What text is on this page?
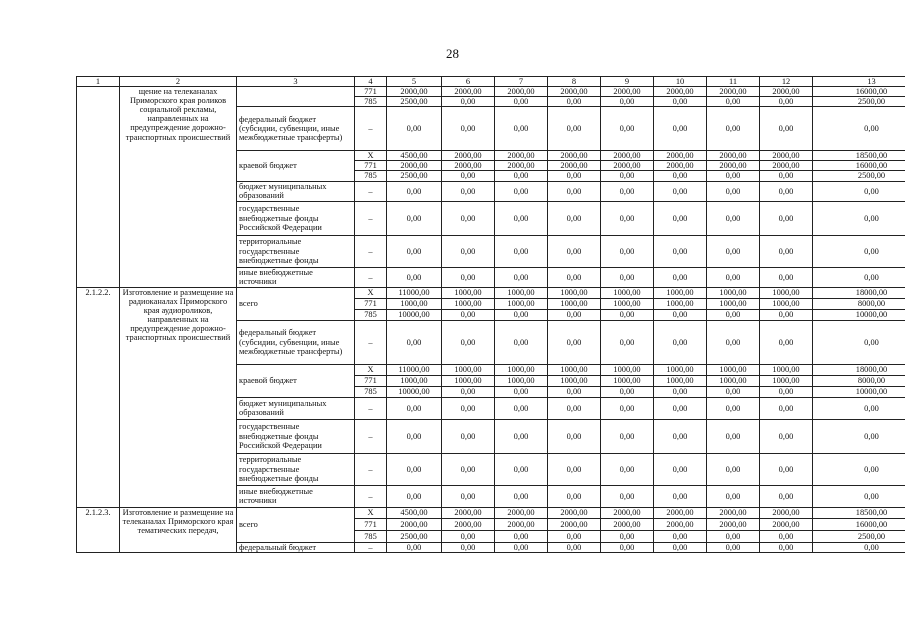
28
1	2	3	4	5	6	7	8	9	10	11	12	13
	щение на телеканалах Приморского края роликов социальной рекламы, направленных на предупреждение дорожно-транспортных происшествий		771	2000,00	2000,00	2000,00	2000,00	2000,00	2000,00	2000,00	2000,00	16000,00
			785	2500,00	0,00	0,00	0,00	0,00	0,00	0,00	0,00	2500,00
		федеральный бюджет (субсидии, субвенции, иные межбюджетные трансферты)	–	0,00	0,00	0,00	0,00	0,00	0,00	0,00	0,00	0,00
		краевой бюджет	X	4500,00	2000,00	2000,00	2000,00	2000,00	2000,00	2000,00	2000,00	18500,00
			771	2000,00	2000,00	2000,00	2000,00	2000,00	2000,00	2000,00	2000,00	16000,00
			785	2500,00	0,00	0,00	0,00	0,00	0,00	0,00	0,00	2500,00
		бюджет муниципальных образований	–	0,00	0,00	0,00	0,00	0,00	0,00	0,00	0,00	0,00
		государственные внебюджетные фонды Российской Федерации	–	0,00	0,00	0,00	0,00	0,00	0,00	0,00	0,00	0,00
		территориальные государственные внебюджетные фонды	–	0,00	0,00	0,00	0,00	0,00	0,00	0,00	0,00	0,00
		иные внебюджетные источники	–	0,00	0,00	0,00	0,00	0,00	0,00	0,00	0,00	0,00
2.1.2.2.	Изготовление и размещение на радиоканалах Приморского края аудиороликов, направленных на предупреждение дорожно-транспортных происшествий	всего	X	11000,00	1000,00	1000,00	1000,00	1000,00	1000,00	1000,00	1000,00	18000,00
			771	1000,00	1000,00	1000,00	1000,00	1000,00	1000,00	1000,00	1000,00	8000,00
			785	10000,00	0,00	0,00	0,00	0,00	0,00	0,00	0,00	10000,00
		федеральный бюджет (субсидии, субвенции, иные межбюджетные трансферты)	–	0,00	0,00	0,00	0,00	0,00	0,00	0,00	0,00	0,00
		краевой бюджет	X	11000,00	1000,00	1000,00	1000,00	1000,00	1000,00	1000,00	1000,00	18000,00
			771	1000,00	1000,00	1000,00	1000,00	1000,00	1000,00	1000,00	1000,00	8000,00
			785	10000,00	0,00	0,00	0,00	0,00	0,00	0,00	0,00	10000,00
		бюджет муниципальных образований	–	0,00	0,00	0,00	0,00	0,00	0,00	0,00	0,00	0,00
		государственные внебюджетные фонды Российской Федерации	–	0,00	0,00	0,00	0,00	0,00	0,00	0,00	0,00	0,00
		территориальные государственные внебюджетные фонды	–	0,00	0,00	0,00	0,00	0,00	0,00	0,00	0,00	0,00
		иные внебюджетные источники	–	0,00	0,00	0,00	0,00	0,00	0,00	0,00	0,00	0,00
2.1.2.3.	Изготовление и размещение на телеканалах Приморского края тематических передач,	всего	X	4500,00	2000,00	2000,00	2000,00	2000,00	2000,00	2000,00	2000,00	18500,00
			771	2000,00	2000,00	2000,00	2000,00	2000,00	2000,00	2000,00	2000,00	16000,00
			785	2500,00	0,00	0,00	0,00	0,00	0,00	0,00	0,00	2500,00
		федеральный бюджет	–	0,00	0,00	0,00	0,00	0,00	0,00	0,00	0,00	0,00
